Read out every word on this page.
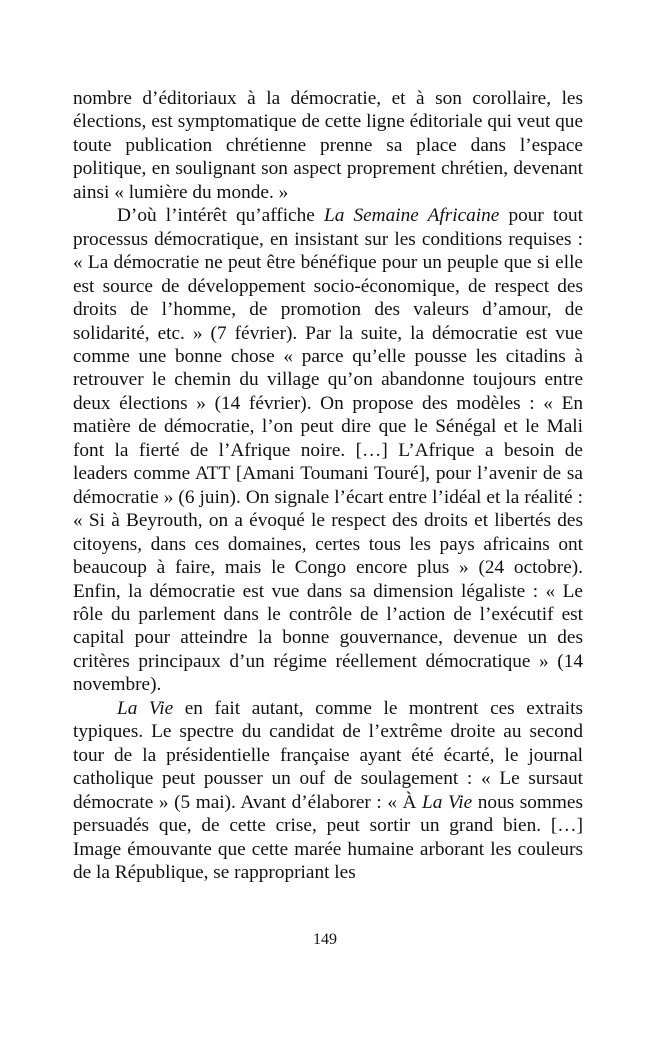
nombre d’éditoriaux à la démocratie, et à son corollaire, les élections, est symptomatique de cette ligne éditoriale qui veut que toute publication chrétienne prenne sa place dans l’espace politique, en soulignant son aspect proprement chrétien, devenant ainsi « lumière du monde. »

D’où l’intérêt qu’affiche La Semaine Africaine pour tout processus démocratique, en insistant sur les conditions requises : « La démocratie ne peut être bénéfique pour un peuple que si elle est source de développement socio-économique, de respect des droits de l’homme, de promotion des valeurs d’amour, de solidarité, etc. » (7 février). Par la suite, la démocratie est vue comme une bonne chose « parce qu’elle pousse les citadins à retrouver le chemin du village qu’on abandonne toujours entre deux élections » (14 février). On propose des modèles : « En matière de démocratie, l’on peut dire que le Sénégal et le Mali font la fierté de l’Afrique noire. […] L’Afrique a besoin de leaders comme ATT [Amani Toumani Touré], pour l’avenir de sa démocratie » (6 juin). On signale l’écart entre l’idéal et la réalité : « Si à Beyrouth, on a évoqué le respect des droits et libertés des citoyens, dans ces domaines, certes tous les pays africains ont beaucoup à faire, mais le Congo encore plus » (24 octobre). Enfin, la démocratie est vue dans sa dimension légaliste : « Le rôle du parlement dans le contrôle de l’action de l’exécutif est capital pour atteindre la bonne gouvernance, devenue un des critères principaux d’un régime réellement démocratique » (14 novembre).

La Vie en fait autant, comme le montrent ces extraits typiques. Le spectre du candidat de l’extrême droite au second tour de la présidentielle française ayant été écarté, le journal catholique peut pousser un ouf de soulagement : « Le sursaut démocrate » (5 mai). Avant d’élaborer : « À La Vie nous sommes persuadés que, de cette crise, peut sortir un grand bien. […] Image émouvante que cette marée humaine arborant les couleurs de la République, se rappropriant les

149
